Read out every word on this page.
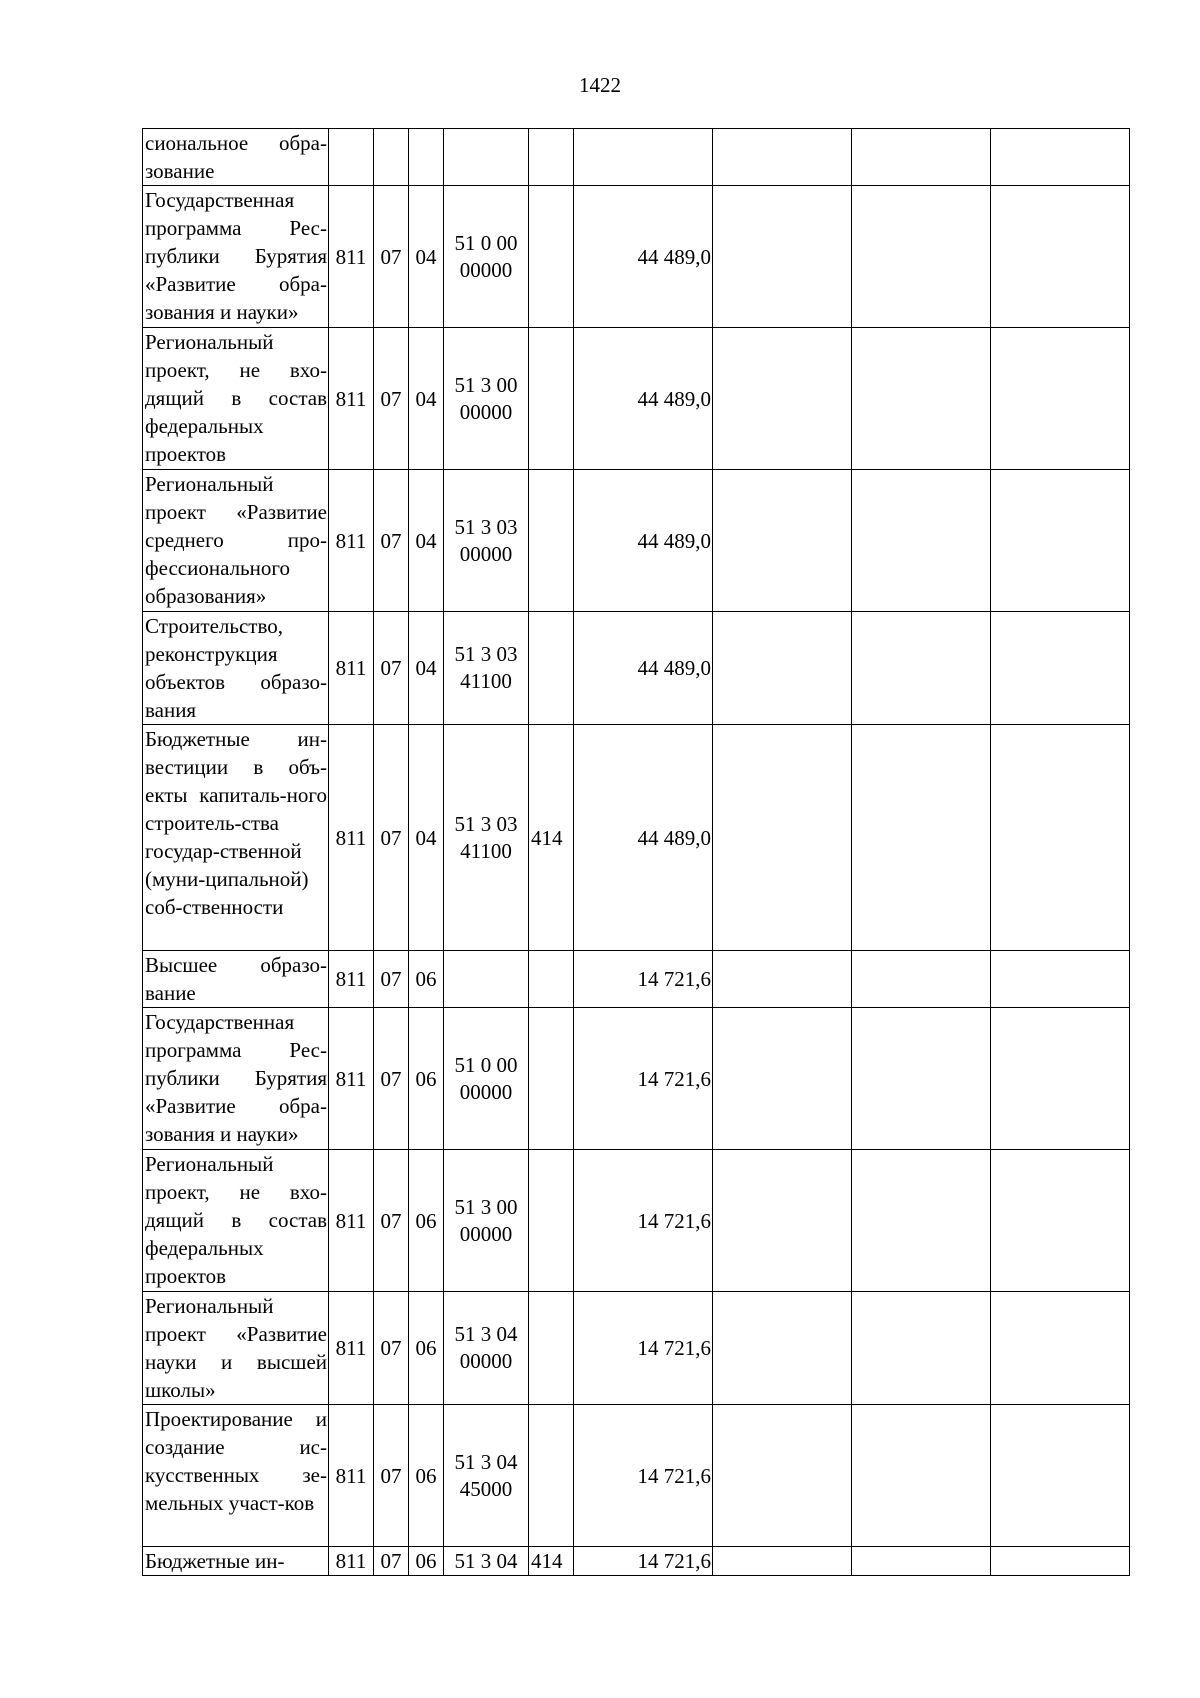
1422
сиональное обра-зование				

Государственная программа Рес-публики Бурятия «Развитие обра-зования и науки»	811	07	04	51 0 00
00000		44 489,0			
Региональный проект, не вхо-дящий в состав федеральных проектов	811	07	04	51 3 00
00000		44 489,0			
Региональный проект «Развитие среднего про-фессионального образования»	811	07	04	51 3 03
00000		44 489,0			
Строительство, реконструкция объектов образо-вания	811	07	04	51 3 03
41100		44 489,0			
Бюджетные ин-вестиции в объ-екты капиталь-ного строитель-ства государ-ственной (муни-ципальной) соб-ственности	811	07	04	51 3 03
41100	414	44 489,0			
Высшее образо-вание	811	07	06			14 721,6			
Государственная программа Рес-публики Бурятия «Развитие обра-зования и науки»	811	07	06	51 0 00
00000		14 721,6			
Региональный проект, не вхо-дящий в состав федеральных проектов	811	07	06	51 3 00
00000		14 721,6			
Региональный проект «Развитие науки и высшей школы»	811	07	06	51 3 04
00000		14 721,6			
Проектирование и создание ис-кусственных зе-мельных участ-ков	811	07	06	51 3 04
45000		14 721,6			
Бюджетные ин-	811	07	06	51 3 04	414	14 721,6			
